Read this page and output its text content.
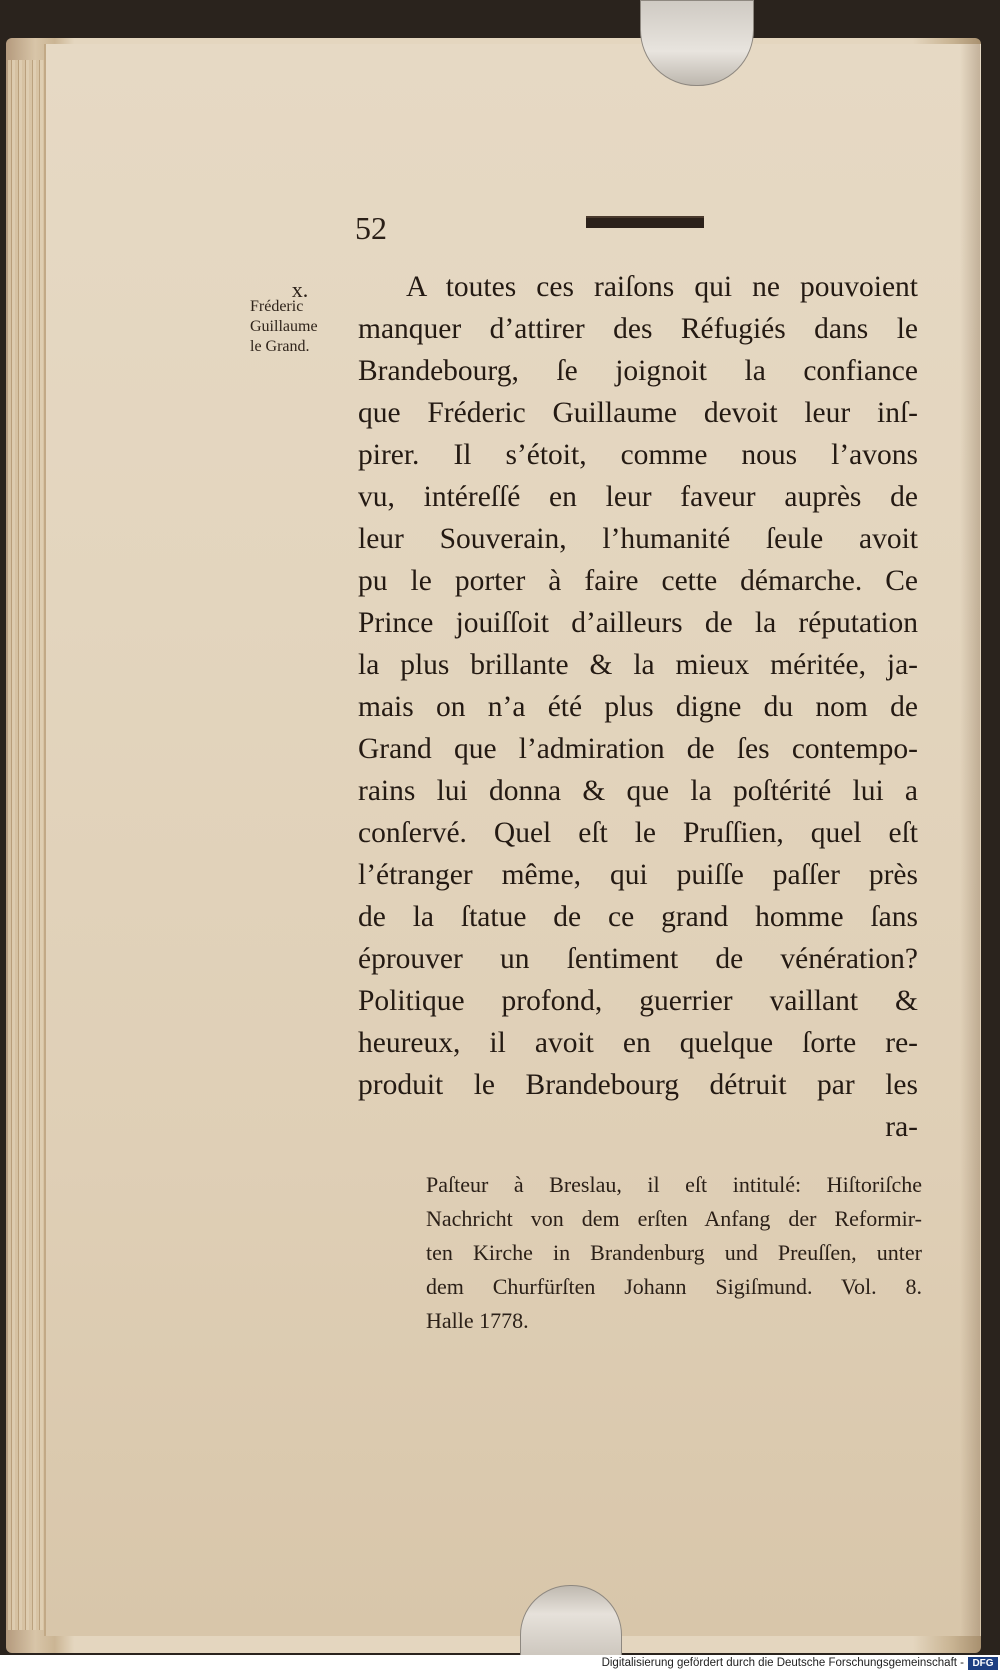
52
x.
Fréderic
Guillaume
le Grand.
A toutes ces raiſons qui ne pouvoient
manquer d’attirer des Réfugiés dans le
Brandebourg, ſe joignoit la confiance
que Fréderic Guillaume devoit leur inſ-
pirer. Il s’étoit, comme nous l’avons
vu, intéreſſé en leur faveur auprès de
leur Souverain, l’humanité ſeule avoit
pu le porter à faire cette démarche. Ce
Prince jouiſſoit d’ailleurs de la réputation
la plus brillante & la mieux méritée, ja-
mais on n’a été plus digne du nom de
Grand que l’admiration de ſes contempo-
rains lui donna & que la poſtérité lui a
conſervé. Quel eſt le Pruſſien, quel eſt
l’étranger même, qui puiſſe paſſer près
de la ſtatue de ce grand homme ſans
éprouver un ſentiment de vénération?
Politique profond, guerrier vaillant &
heureux, il avoit en quelque ſorte re-
produit le Brandebourg détruit par les
ra-
Paſteur à Breslau, il eſt intitulé: Hiſtoriſche
Nachricht von dem erſten Anfang der Reformir-
ten Kirche in Brandenburg und Preuſſen, unter
dem Churfürſten Johann Sigiſmund. Vol. 8.
Halle 1778.
Digitalisierung gefördert durch die Deutsche Forschungsgemeinschaft - DFG
